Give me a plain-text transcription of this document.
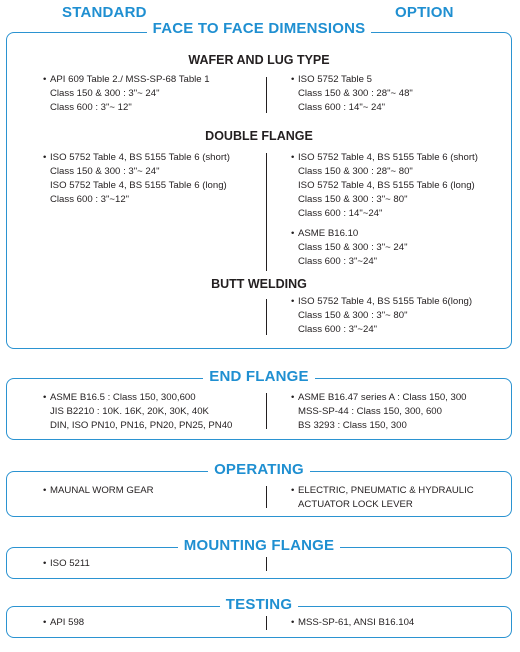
STANDARD	OPTION
FACE TO FACE DIMENSIONS
WAFER AND LUG TYPE
• API 609 Table 2./ MSS-SP-68 Table 1
Class 150 & 300 : 3"~ 24"
Class 600 : 3"~ 12"
• ISO 5752 Table 5
Class 150 & 300 : 28"~ 48"
Class 600 : 14"~ 24"
DOUBLE FLANGE
• ISO 5752 Table 4, BS 5155 Table 6 (short)
Class 150 & 300 : 3"~ 24"
ISO 5752 Table 4, BS 5155 Table 6 (long)
Class 600 : 3"~12"
• ISO 5752 Table 4, BS 5155 Table 6 (short)
Class 150 & 300 : 28"~ 80"
ISO 5752 Table 4, BS 5155 Table 6 (long)
Class 150 & 300 : 3"~ 80"
Class 600 : 14"~24"
• ASME B16.10
Class 150 & 300 : 3"~ 24"
Class 600 : 3"~24"
BUTT WELDING
• ISO 5752 Table 4, BS 5155 Table 6(long)
Class 150 & 300 : 3"~ 80"
Class 600 : 3"~24"
END FLANGE
• ASME B16.5 : Class 150, 300,600
JIS B2210 : 10K. 16K, 20K, 30K, 40K
DIN, ISO PN10, PN16, PN20, PN25, PN40
• ASME B16.47 series A : Class 150, 300
MSS-SP-44 : Class 150, 300, 600
BS 3293 : Class 150, 300
OPERATING
• MAUNAL WORM GEAR	• ELECTRIC, PNEUMATIC & HYDRAULIC
ACTUATOR LOCK LEVER
MOUNTING FLANGE
• ISO 5211
TESTING
• API 598	• MSS-SP-61, ANSI B16.104
